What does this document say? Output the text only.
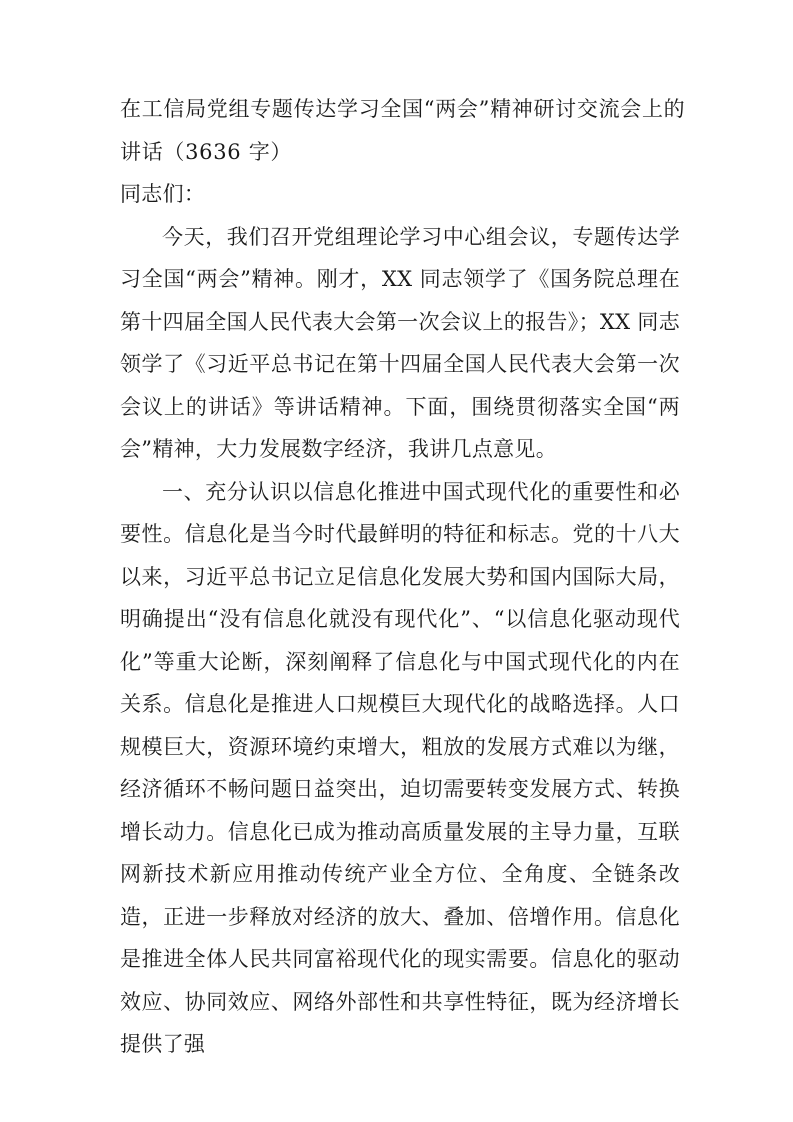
在工信局党组专题传达学习全国“两会”精神研讨交流会上的
讲话（3636 字）
同志们：

今天，我们召开党组理论学习中心组会议，专题传达学习全国“两会”精神。刚才，XX 同志领学了《国务院总理在第十四届全国人民代表大会第一次会议上的报告》；XX 同志领学了《习近平总书记在第十四届全国人民代表大会第一次会议上的讲话》等讲话精神。下面，围绕贯彻落实全国“两会”精神，大力发展数字经济，我讲几点意见。

一、充分认识以信息化推进中国式现代化的重要性和必要性。信息化是当今时代最鲜明的特征和标志。党的十八大以来，习近平总书记立足信息化发展大势和国内国际大局，明确提出“没有信息化就没有现代化”、“以信息化驱动现代化”等重大论断，深刻阐释了信息化与中国式现代化的内在关系。信息化是推进人口规模巨大现代化的战略选择。人口规模巨大，资源环境约束增大，粗放的发展方式难以为继，经济循环不畅问题日益突出，迫切需要转变发展方式、转换增长动力。信息化已成为推动高质量发展的主导力量，互联网新技术新应用推动传统产业全方位、全角度、全链条改造，正进一步释放对经济的放大、叠加、倍增作用。信息化是推进全体人民共同富裕现代化的现实需要。信息化的驱动效应、协同效应、网络外部性和共享性特征，既为经济增长提供了强
